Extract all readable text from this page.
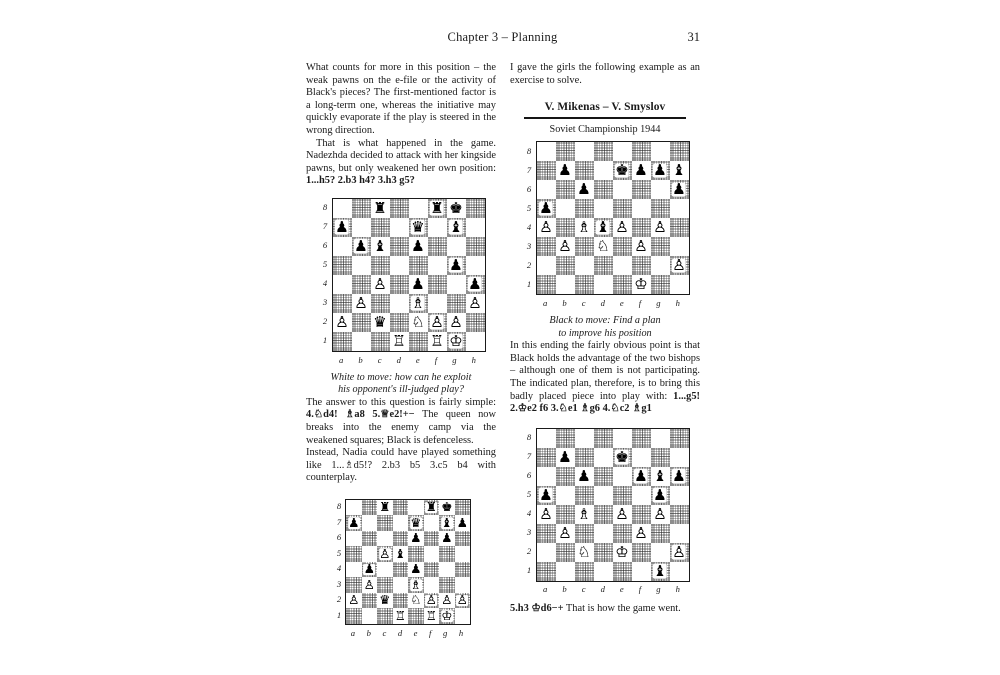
Chapter 3 – Planning	31

What counts for more in this position – the weak pawns on the e-file or the activity of Black's pieces? The first-mentioned factor is a long-term one, whereas the initiative may quickly evaporate if the play is steered in the wrong direction.

That is what happened in the game. Nadezhda decided to attack with her kingside pawns, but only weakened her own position: 1...h5? 2.b3 h4? 3.h3 g5?

8
7
6
5
4
3
2
1
♜	♜ ♚
♟	♛ ♝
♟ ♝ ♟
♟
♙ ♟	♟
♙	♗	♙
♙ ♛ ♘ ♙ ♙
♖ ♖ ♔
a b c d e f g h
White to move: how can he exploit
his opponent's ill-judged play?

The answer to this question is fairly simple: 4.♘d4! ♗a8 5.♕e2!+− The queen now breaks into the enemy camp via the weakened squares; Black is defenceless.

Instead, Nadia could have played something like 1...♗d5!? 2.b3 b5 3.c5 b4 with counterplay.

8
7
6
5
4
3
2
1
♜	♜ ♚
♟	♛ ♝ ♟
♟ ♟
♙ ♝
♟	♟
♙	♗
♙ ♛ ♘ ♙ ♙ ♙
♖ ♖ ♔
a b c d e f g h

I gave the girls the following example as an exercise to solve.

V. Mikenas – V. Smyslov
Soviet Championship 1944
8
7
6
5
4
3
2
1
♟	♚ ♟ ♟ ♝
♟	♟
♟
♙ ♗ ♝ ♙ ♙
♙ ♘ ♙
♙
♔
a b c d e f g h
Black to move: Find a plan
to improve his position

In this ending the fairly obvious point is that Black holds the advantage of the two bishops – although one of them is not participating. The indicated plan, therefore, is to bring this badly placed piece into play with: 1...g5! 2.♔e2 f6 3.♘e1 ♗g6 4.♘c2 ♗g1

8
7
6
5
4
3
2
1
♟	♚
♟	♟ ♝ ♟
♟	♟
♙ ♗ ♙ ♙
♙	♙
♘ ♔	♙
♝
a b c d e f g h

5.h3 ♔d6−+ That is how the game went.
